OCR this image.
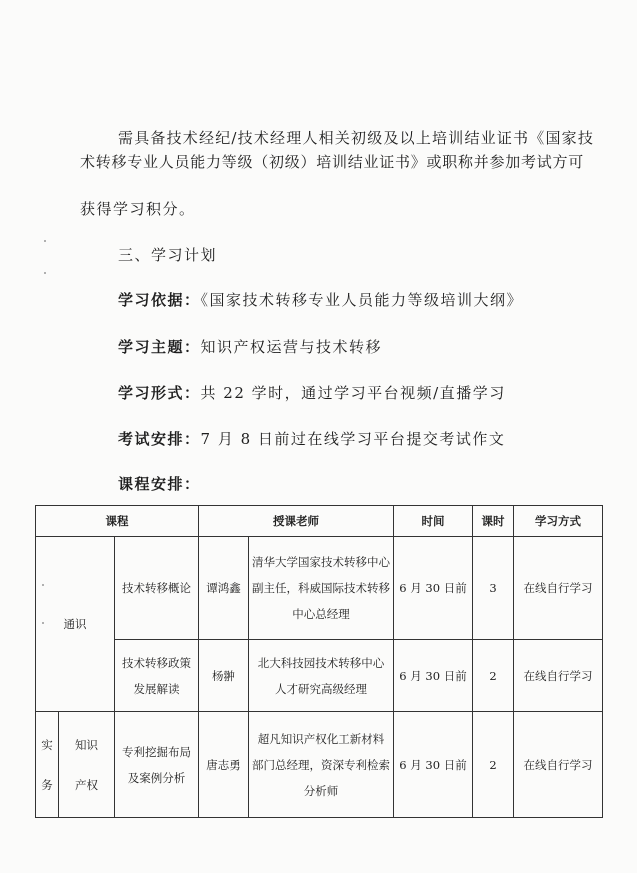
需具备技术经纪/技术经理人相关初级及以上培训结业证书《国家技
术转移专业人员能力等级（初级）培训结业证书》或职称并参加考试方可
获得学习积分。
三、学习计划
学习依据：《国家技术转移专业人员能力等级培训大纲》
学习主题：知识产权运营与技术转移
学习形式：共 22 学时，通过学习平台视频/直播学习
考试安排：7 月 8 日前过在线学习平台提交考试作文
课程安排：
课程			授课老师		时间	课时	学习方式
通识		技术转移概论	谭鸿鑫	清华大学国家技术转移中心
副主任，科威国际技术转移
中心总经理	6 月 30 日前	3	在线自行学习

		技术转移政策
发展解读	杨翀	北大科技园技术转移中心
人才研究高级经理	6 月 30 日前	2	在线自行学习

实
务	知识
产权	专利挖掘布局
及案例分析	唐志勇	超凡知识产权化工新材料
部门总经理，资深专利检索
分析师	6 月 30 日前	2	在线自行学习
